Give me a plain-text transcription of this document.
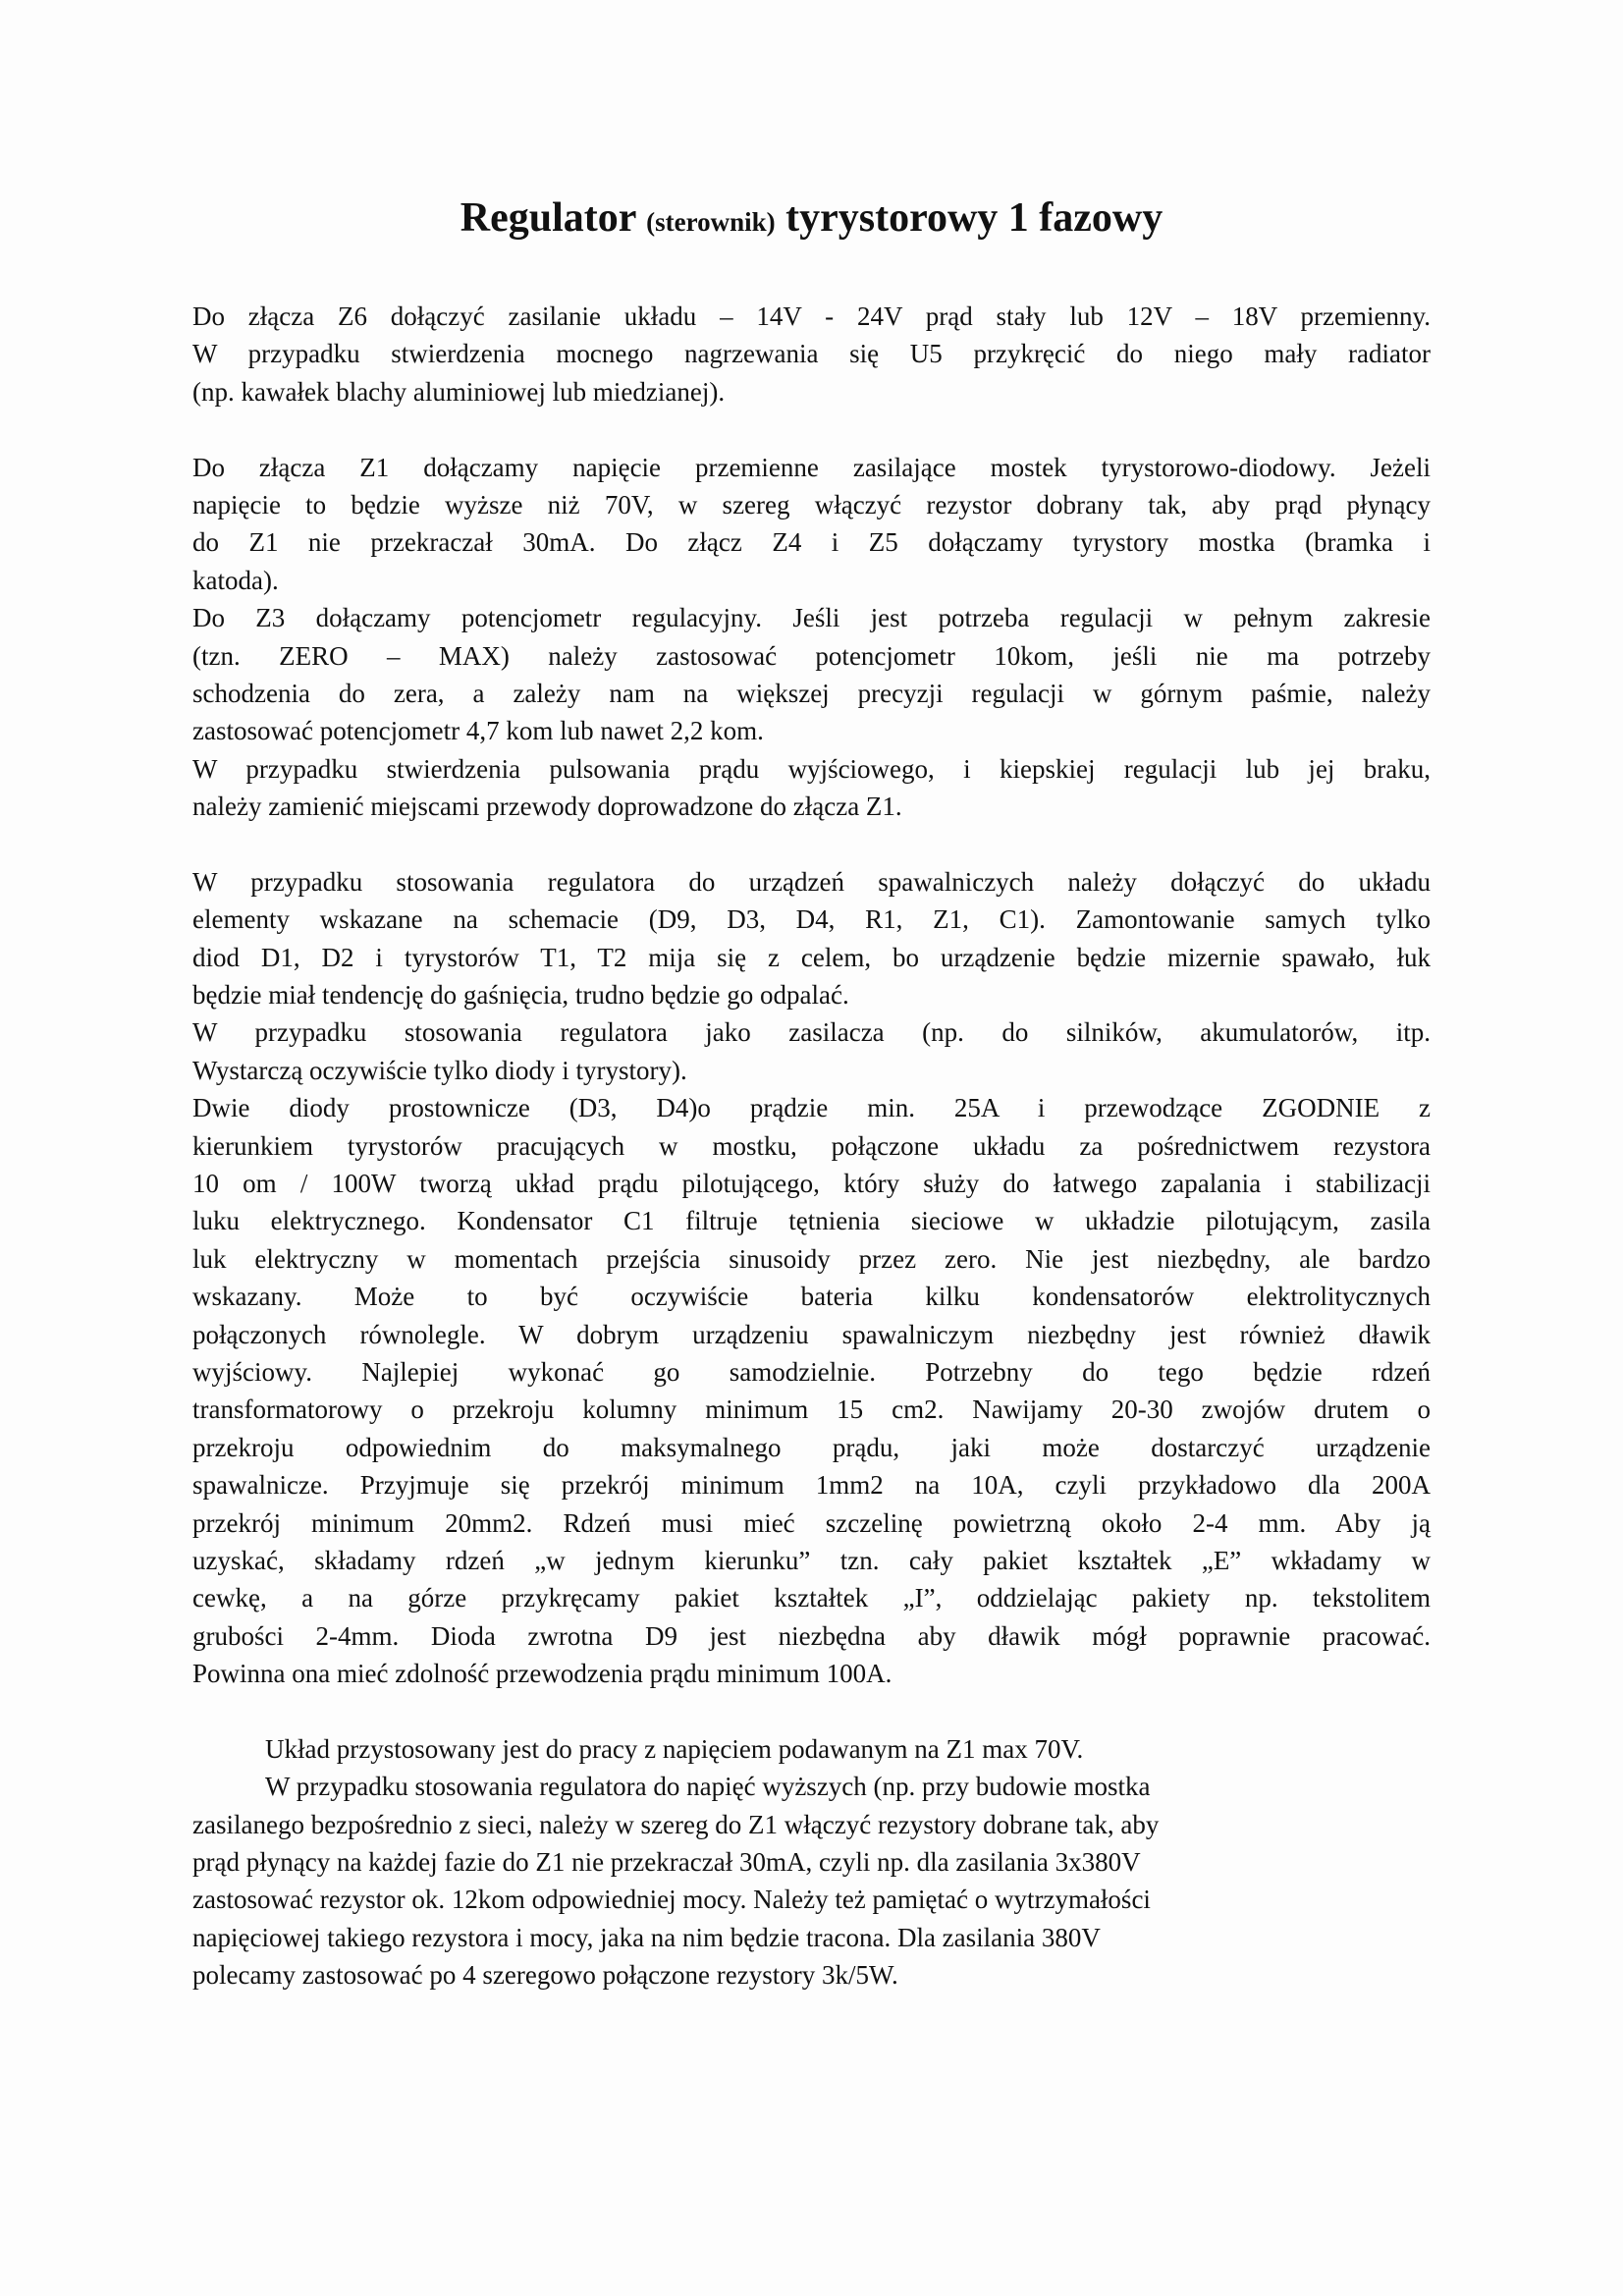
Regulator (sterownik) tyrystorowy 1 fazowy
Do złącza Z6 dołączyć zasilanie układu – 14V - 24V prąd stały lub 12V – 18V przemienny.
W przypadku stwierdzenia mocnego nagrzewania się U5 przykręcić do niego mały radiator
(np. kawałek blachy aluminiowej lub miedzianej).
Do złącza Z1 dołączamy napięcie przemienne zasilające mostek tyrystorowo-diodowy. Jeżeli
napięcie to będzie wyższe niż 70V, w szereg włączyć rezystor dobrany tak, aby prąd płynący
do Z1 nie przekraczał 30mA. Do złącz Z4 i Z5 dołączamy tyrystory mostka (bramka i
katoda).
Do Z3 dołączamy potencjometr regulacyjny. Jeśli jest potrzeba regulacji w pełnym zakresie
(tzn. ZERO – MAX) należy zastosować potencjometr 10kom, jeśli nie ma potrzeby
schodzenia do zera, a zależy nam na większej precyzji regulacji w górnym paśmie, należy
zastosować potencjometr 4,7 kom lub nawet 2,2 kom.
W przypadku stwierdzenia pulsowania prądu wyjściowego, i kiepskiej regulacji lub jej braku,
należy zamienić miejscami przewody doprowadzone do złącza Z1.
W przypadku stosowania regulatora do urządzeń spawalniczych należy dołączyć do układu
elementy wskazane na schemacie (D9, D3, D4, R1, Z1, C1). Zamontowanie samych tylko
diod D1, D2 i tyrystorów T1, T2 mija się z celem, bo urządzenie będzie mizernie spawało, łuk
będzie miał tendencję do gaśnięcia, trudno będzie go odpalać.
W przypadku stosowania regulatora jako zasilacza (np. do silników, akumulatorów, itp.
Wystarczą oczywiście tylko diody i tyrystory).
Dwie diody prostownicze (D3, D4)o prądzie min. 25A i przewodzące ZGODNIE z
kierunkiem tyrystorów pracujących w mostku, połączone układu za pośrednictwem rezystora
10 om / 100W tworzą układ prądu pilotującego, który służy do łatwego zapalania i stabilizacji
luku elektrycznego. Kondensator C1 filtruje tętnienia sieciowe w układzie pilotującym, zasila
luk elektryczny w momentach przejścia sinusoidy przez zero. Nie jest niezbędny, ale bardzo
wskazany. Może to być oczywiście bateria kilku kondensatorów elektrolitycznych
połączonych równolegle. W dobrym urządzeniu spawalniczym niezbędny jest również dławik
wyjściowy. Najlepiej wykonać go samodzielnie. Potrzebny do tego będzie rdzeń
transformatorowy o przekroju kolumny minimum 15 cm2. Nawijamy 20-30 zwojów drutem o
przekroju odpowiednim do maksymalnego prądu, jaki może dostarczyć urządzenie
spawalnicze. Przyjmuje się przekrój minimum 1mm2 na 10A, czyli przykładowo dla 200A
przekrój minimum 20mm2. Rdzeń musi mieć szczelinę powietrzną około 2-4 mm. Aby ją
uzyskać, składamy rdzeń „w jednym kierunku” tzn. cały pakiet kształtek „E” wkładamy w
cewkę, a na górze przykręcamy pakiet kształtek „I”, oddzielając pakiety np. tekstolitem
grubości 2-4mm. Dioda zwrotna D9 jest niezbędna aby dławik mógł poprawnie pracować.
Powinna ona mieć zdolność przewodzenia prądu minimum 100A.
Układ przystosowany jest do pracy z napięciem podawanym na Z1 max 70V.
W przypadku stosowania regulatora do napięć wyższych (np. przy budowie mostka
zasilanego bezpośrednio z sieci, należy w szereg do Z1 włączyć rezystory dobrane tak, aby
prąd płynący na każdej fazie do Z1 nie przekraczał 30mA, czyli np. dla zasilania 3x380V
zastosować rezystor ok. 12kom odpowiedniej mocy. Należy też pamiętać o wytrzymałości
napięciowej takiego rezystora i mocy, jaka na nim będzie tracona. Dla zasilania 380V
polecamy zastosować po 4 szeregowo połączone rezystory 3k/5W.
